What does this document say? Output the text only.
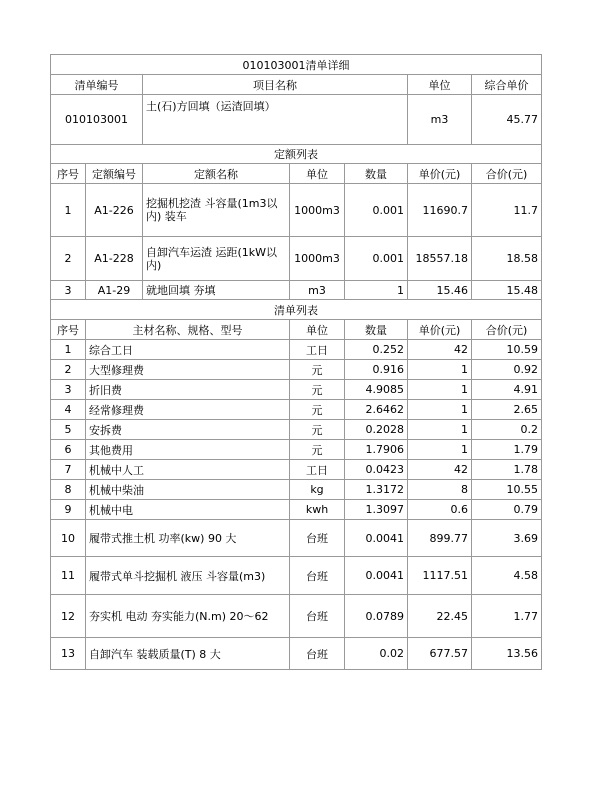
010103001清单详细						
清单编号		项目名称			单位	综合单价
010103001		土(石)方回填（运渣回填）			m3	45.77
定额列表						
序号	定额编号	定额名称	单位	数量	单价(元)	合价(元)
1	A1-226	挖掘机挖渣 斗容量(1m3以内) 装车	1000m3	0.001	11690.7	11.7
2	A1-228	自卸汽车运渣 运距(1kW以内)	1000m3	0.001	18557.18	18.58
3	A1-29	就地回填 夯填	m3	1	15.46	15.48
清单列表						
序号	主材名称、规格、型号		单位	数量	单价(元)	合价(元)
1	综合工日		工日	0.252	42	10.59
2	大型修理费		元	0.916	1	0.92
3	折旧费		元	4.9085	1	4.91
4	经常修理费		元	2.6462	1	2.65
5	安拆费		元	0.2028	1	0.2
6	其他费用		元	1.7906	1	1.79
7	机械中人工		工日	0.0423	42	1.78
8	机械中柴油		kg	1.3172	8	10.55
9	机械中电		kwh	1.3097	0.6	0.79
10	履带式推土机 功率(kw) 90 大		台班	0.0041	899.77	3.69
11	履带式单斗挖掘机 液压 斗容量(m3)		台班	0.0041	1117.51	4.58
12	夯实机 电动 夯实能力(N.m) 20～62		台班	0.0789	22.45	1.77
13	自卸汽车 装载质量(T) 8 大		台班	0.02	677.57	13.56
